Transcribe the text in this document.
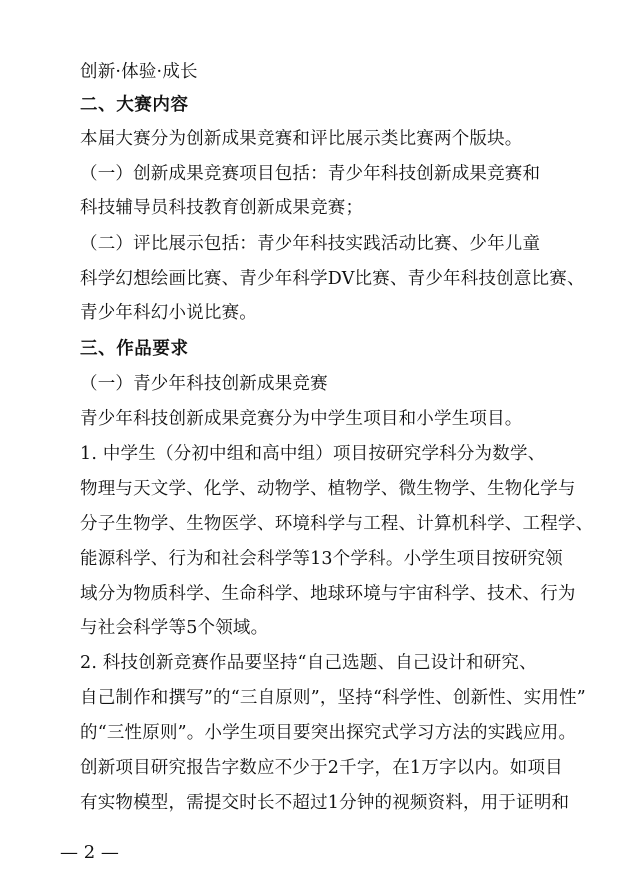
创新·体验·成长
二、大赛内容
本届大赛分为创新成果竞赛和评比展示类比赛两个版块。
（一）创新成果竞赛项目包括：青少年科技创新成果竞赛和
科技辅导员科技教育创新成果竞赛；
（二）评比展示包括：青少年科技实践活动比赛、少年儿童
科学幻想绘画比赛、青少年科学DV比赛、青少年科技创意比赛、
青少年科幻小说比赛。
三、作品要求
（一）青少年科技创新成果竞赛
青少年科技创新成果竞赛分为中学生项目和小学生项目。
1. 中学生（分初中组和高中组）项目按研究学科分为数学、
物理与天文学、化学、动物学、植物学、微生物学、生物化学与
分子生物学、生物医学、环境科学与工程、计算机科学、工程学、
能源科学、行为和社会科学等13个学科。小学生项目按研究领
域分为物质科学、生命科学、地球环境与宇宙科学、技术、行为
与社会科学等5个领域。
2. 科技创新竞赛作品要坚持“自己选题、自己设计和研究、
自己制作和撰写”的“三自原则”，坚持“科学性、创新性、实用性”
的“三性原则”。小学生项目要突出探究式学习方法的实践应用。
创新项目研究报告字数应不少于2千字，在1万字以内。如项目
有实物模型，需提交时长不超过1分钟的视频资料，用于证明和
— 2 —
